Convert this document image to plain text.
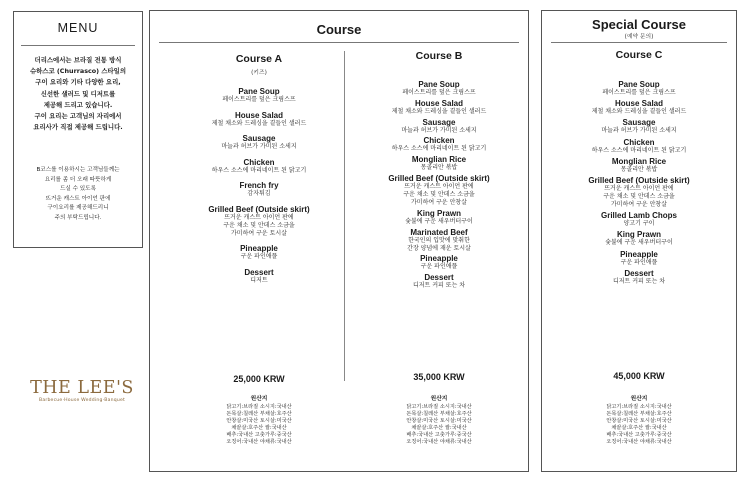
MENU
더리스에서는 브라질 전통 방식
슈하스코 (Churrasco) 스타일의
구이 요리와 기타 다양한 요리,
신선한 샐러드 및 디저트를
제공해 드리고 있습니다.
구이 요리는 고객님의 자리에서
요리사가 직접 제공해 드립니다.
B코스를 이용하시는 고객님들께는
요리를 좀 더 오래 따뜻하게
드실 수 있도록
뜨거운 캐스트 아이언 판에
구이요리를 제공해드리니
주의 부탁드립니다.
THE LEE'S
Barbecue·House Wedding·Banquet
Course	Special Course
(예약 문의)
Course A
(키즈)
Pane Soup
페이스트리를 덮은 크림스프
House Salad
제철 채소와 드레싱을 곁들인 샐러드
Sausage
마늘과 허브가 가미된 소세지
Chicken
하우스 소스에 마리네이트 된 닭고기
French fry
감자튀김
Grilled Beef (Outside skirt)
뜨거운 캐스트 아이언 판에
구운 채소 및 안데스 소금을
가미하여 구운 토시살
Pineapple
구운 파인애플
Dessert
디저트
25,000 KRW
원산지
닭고기:브라질 소시지:국내산
돈목살:칠레산 부채살:호주산
안창살:미국산 토시살:미국산
채끝살:호주산 쌀:국내산
배추:국내산 고춧가루:중국산
오징어:국내산 야채류:국내산
Course B
Pane Soup
페이스트리를 덮은 크림스프
House Salad
제철 채소와 드레싱을 곁들인 샐러드
Sausage
마늘과 허브가 가미된 소세지
Chicken
하우스 소스에 마리네이트 된 닭고기
Monglian Rice
몽골리안 볶밥
Grilled Beef (Outside skirt)
뜨거운 캐스트 아이언 판에
구운 채소 및 안데스 소금을
가미하여 구운 안창살
King Prawn
숯불에 구운 새우버터구이
Marinated Beef
한국인의 입맛에 맞춰한
간장 양념에 재운 토시살
Pineapple
구운 파인애플
Dessert
디저트 커피 또는 차
35,000 KRW
원산지
닭고기:브라질 소시지:국내산
돈목살:칠레산 부채살:호주산
안창살:미국산 토시살:미국산
채끝살:호주산 쌀:국내산
배추:국내산 고춧가루:중국산
오징어:국내산 야채류:국내산
Course C
Pane Soup
페이스트리를 덮은 크림스프
House Salad
제철 채소와 드레싱을 곁들인 샐러드
Sausage
마늘과 허브가 가미된 소세지
Chicken
하우스 소스에 마리네이트 된 닭고기
Monglian Rice
몽골리안 볶밥
Grilled Beef (Outside skirt)
뜨거운 캐스트 아이언 판에
구운 채소 및 안데스 소금을
가미하여 구운 안창살
Grilled Lamb Chops
양고기 구이
King Prawn
숯불에 구운 새우버터구이
Pineapple
구운 파인애플
Dessert
디저트 커피 또는 차
45,000 KRW
원산지
닭고기:브라질 소시지:국내산
돈목살:칠레산 부채살:호주산
안창살:미국산 토시살:미국산
채끝살:호주산 쌀:국내산
배추:국내산 고춧가루:중국산
오징어:국내산 야채류:국내산
